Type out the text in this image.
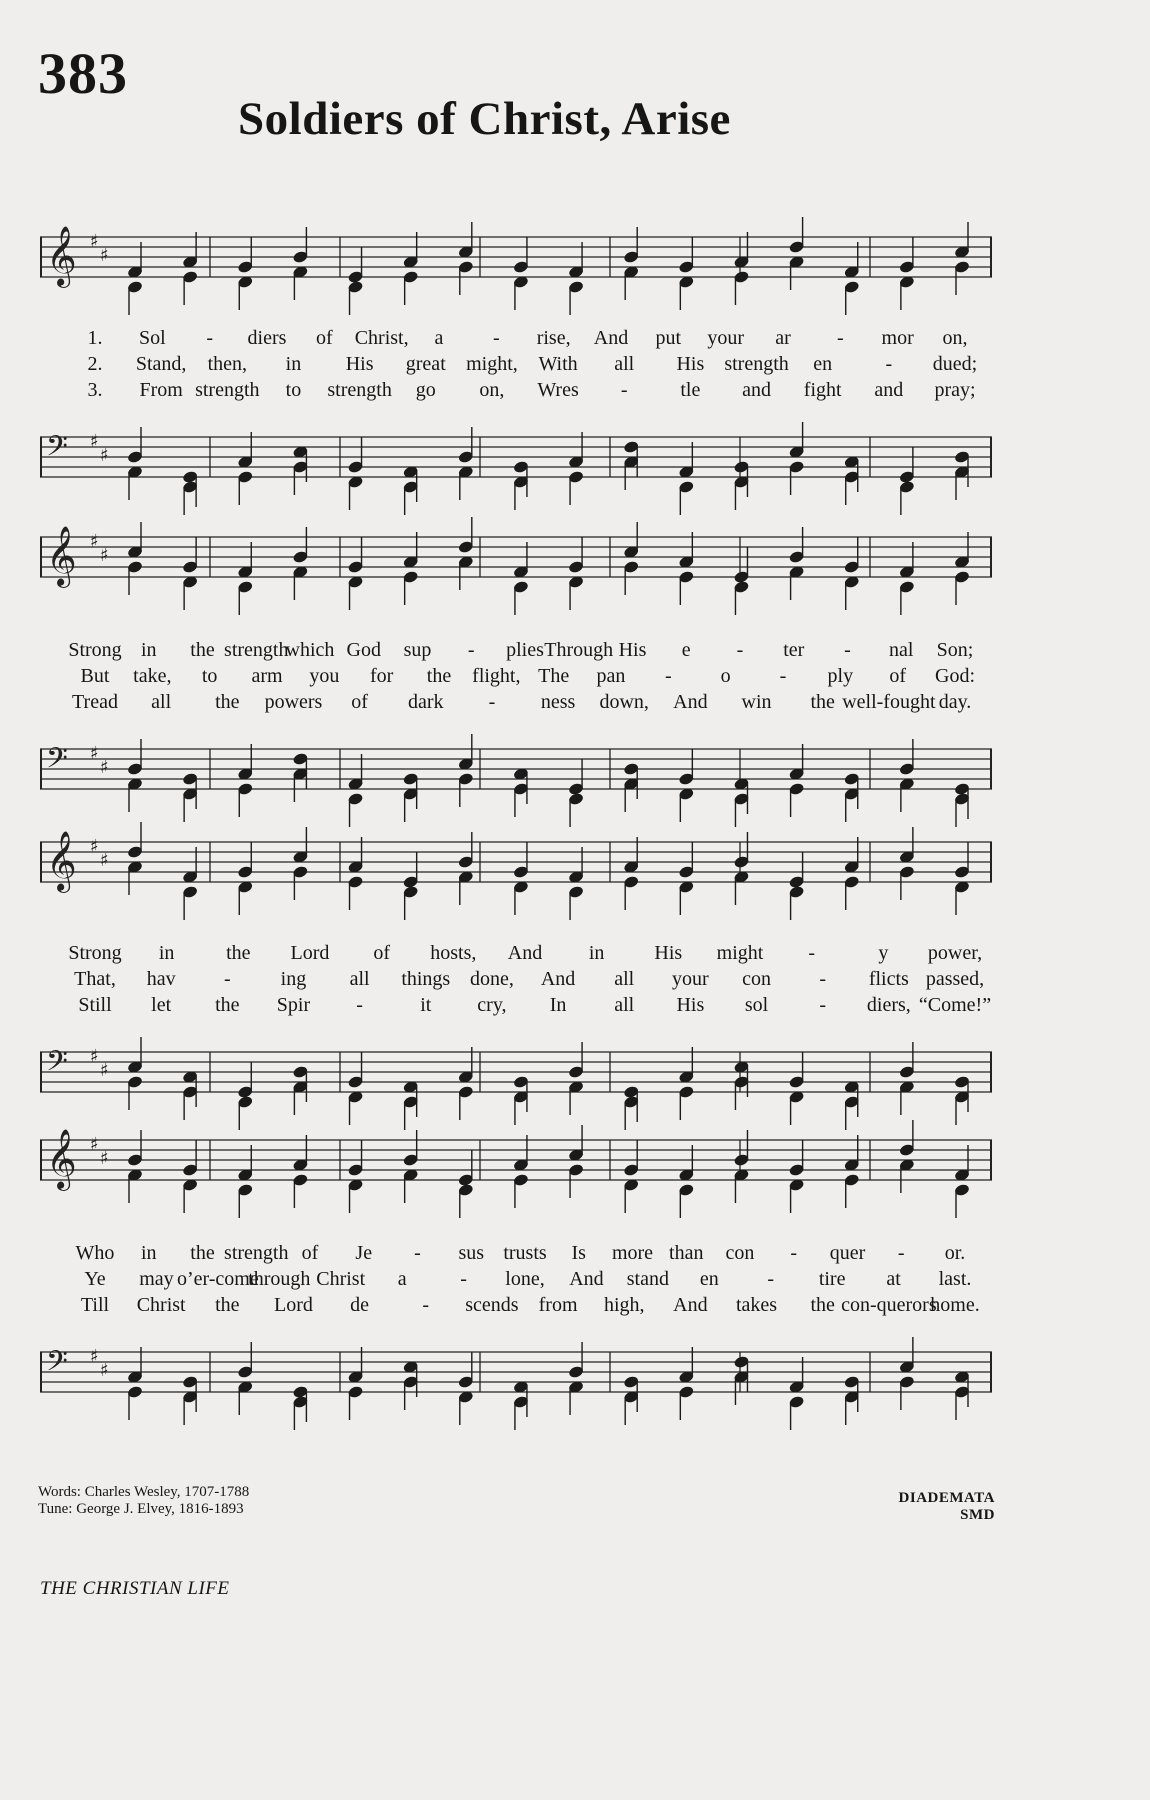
383
Soldiers of Christ, Arise
𝄞 ♯
♯
1. Sol - diers of Christ, a - rise, And put your ar - mor on,
2. Stand, then, in His great might, With all His strength en	- dued;
3. From strength to strength go on, Wres -	tle and fight and pray;
𝄢 ♯
♯
𝄞 ♯
♯
Strong in the strength
which God sup - plies Through His e - ter - nal Son;
But take, to arm you for the flight, The pan - o - ply of God:
Tread all the powers of dark - ness down, And win the well-fought day.
𝄢 ♯
♯
𝄞 ♯
♯
Strong in	the Lord of hosts, And in His might -	y power,
That, hav -	ing all things done, And all your con - flicts passed,
Still let the Spir -	it cry, In all His sol	- diers, “Come!”
𝄢 ♯
♯
𝄞 ♯
♯
Who in the strength of Je - sus trusts Is more than con - quer - or.
Ye may o’er-come
through Christ a	- lone, And stand en - tire at last.
Till Christ the Lord de	- scends from high, And takes the con-querors
home.
𝄢 ♯
♯
Words: Charles Wesley, 1707-1788
Tune: George J. Elvey, 1816-1893
DIADEMATA
SMD
THE CHRISTIAN LIFE
